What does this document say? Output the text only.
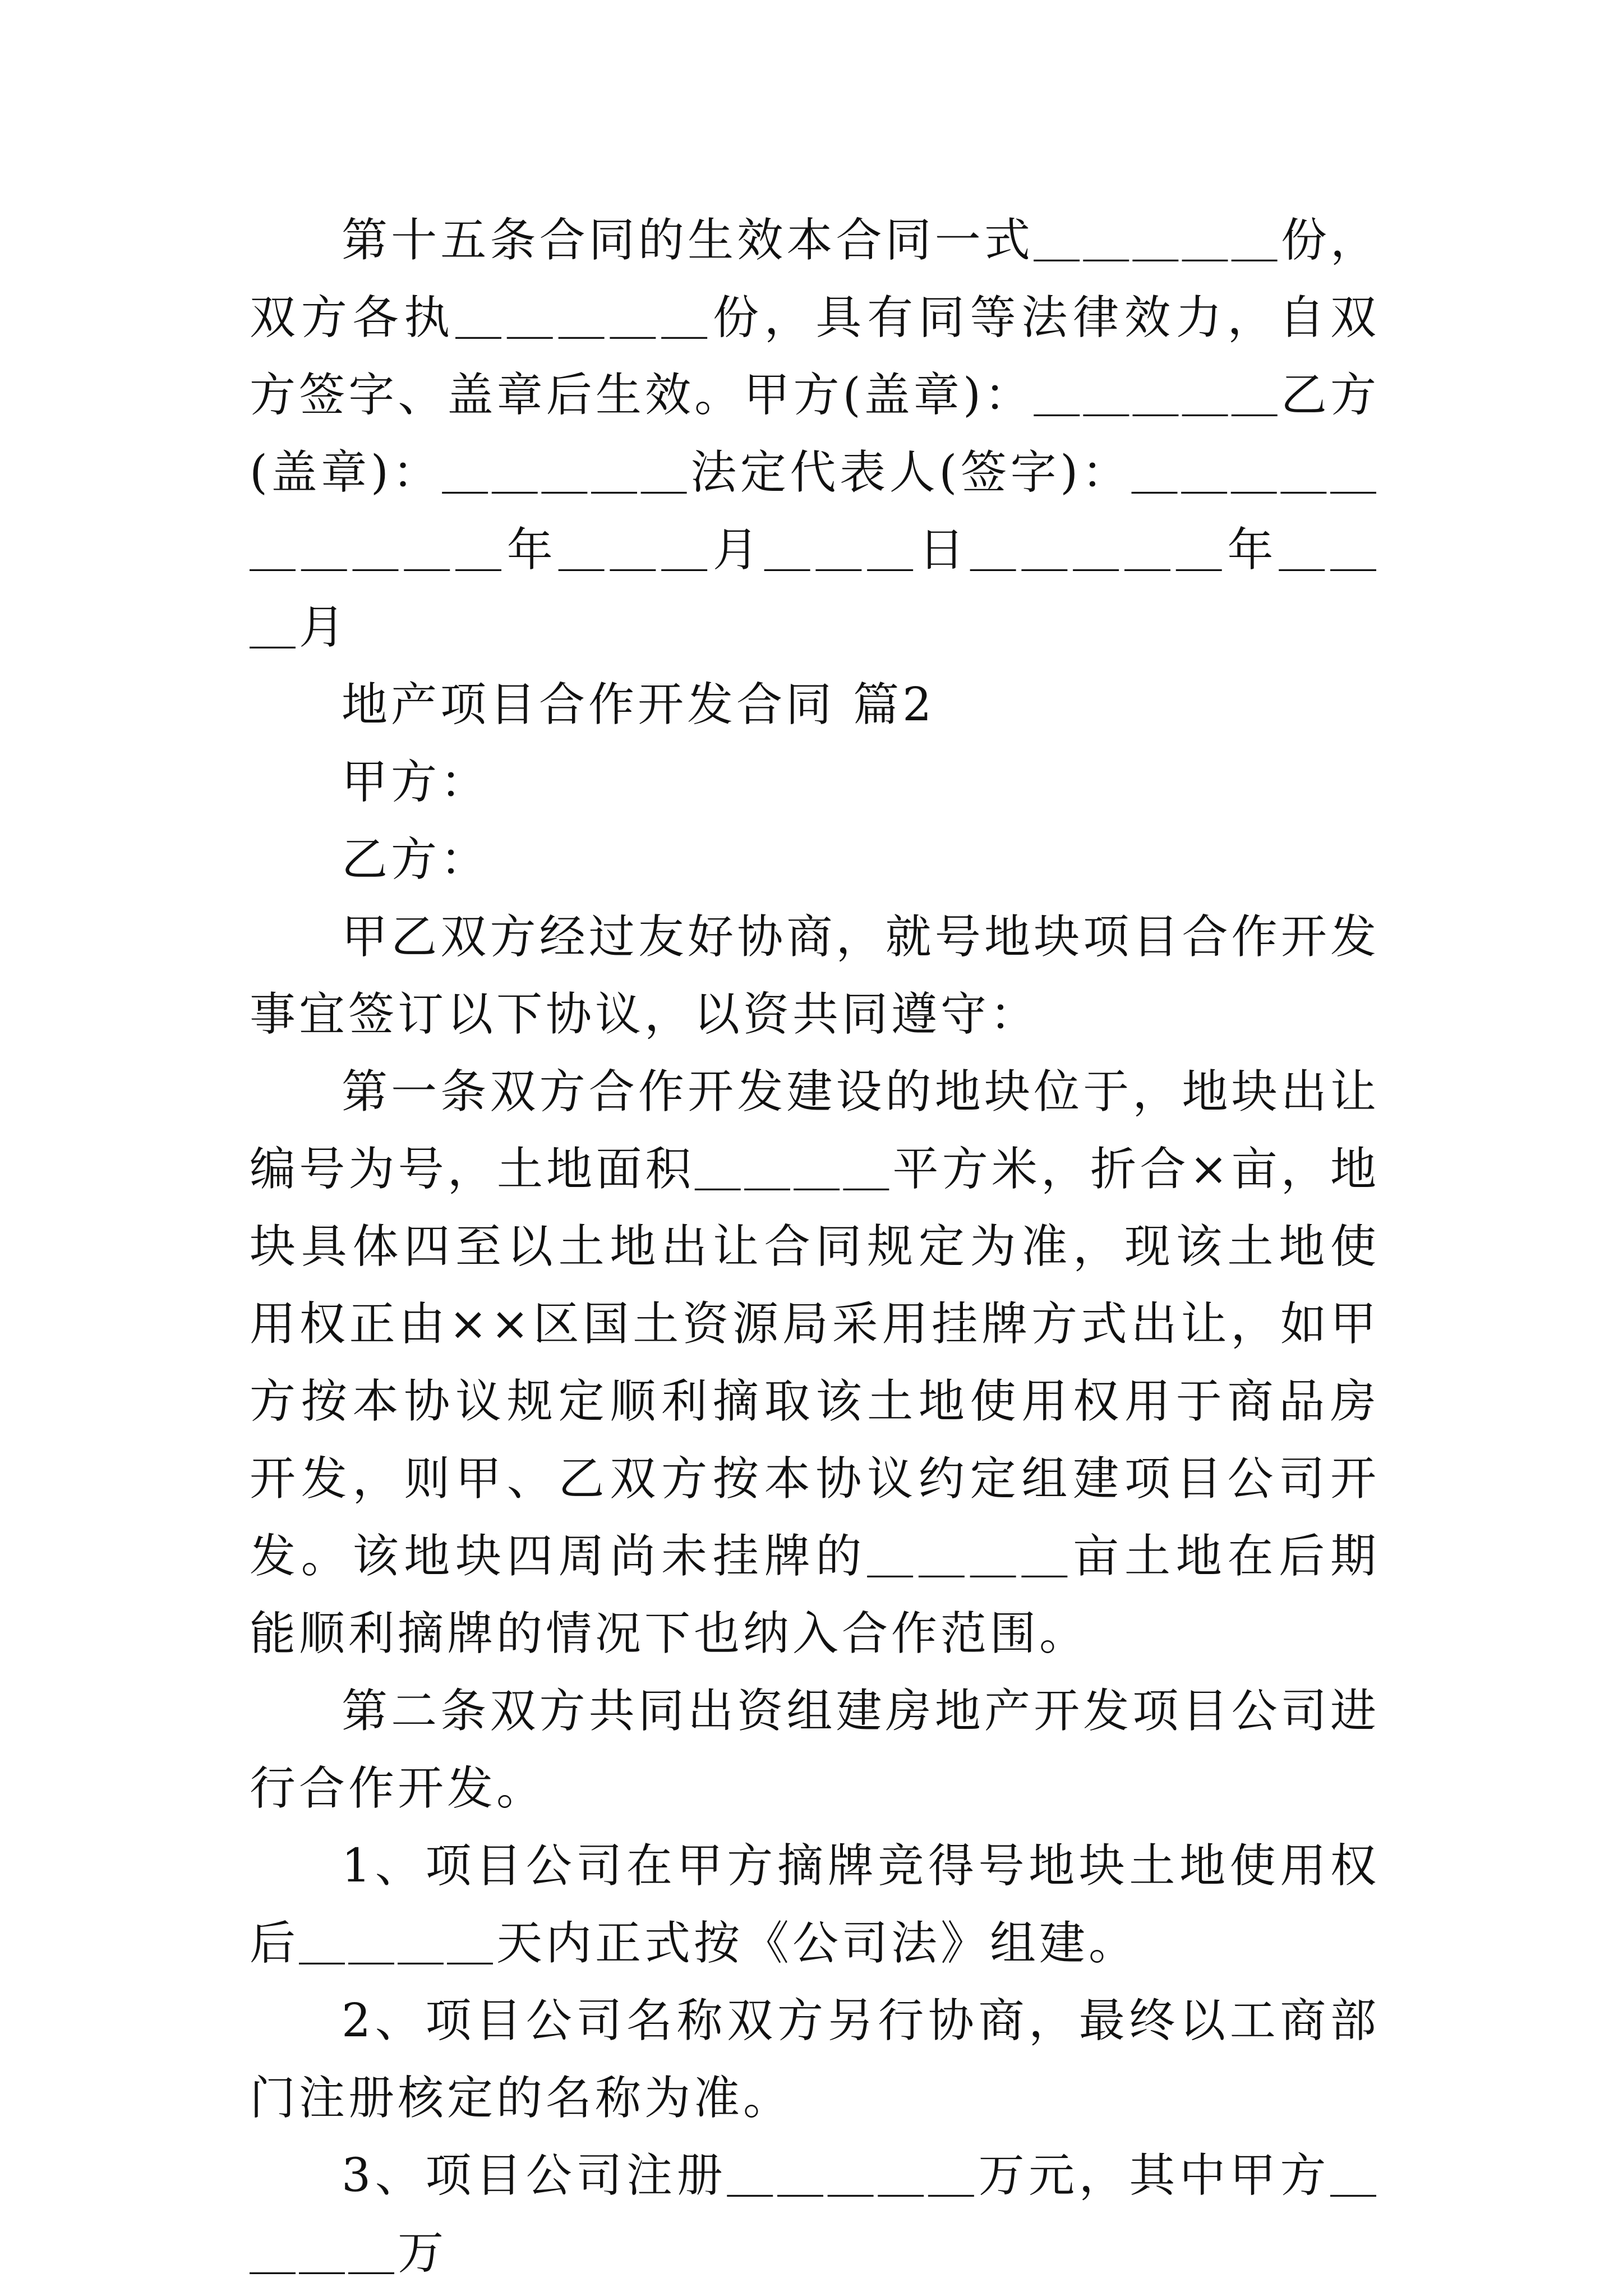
第十五条合同的生效本合同一式＿＿＿＿＿份，双方各执＿＿＿＿＿份，具有同等法律效力，自双方签字、盖章后生效。甲方(盖章)：＿＿＿＿＿乙方(盖章)：＿＿＿＿＿法定代表人(签字)：＿＿＿＿＿＿＿＿＿＿年＿＿＿月＿＿＿日＿＿＿＿＿年＿＿＿月

地产项目合作开发合同 篇2

甲方：

乙方：

甲乙双方经过友好协商，就号地块项目合作开发事宜签订以下协议，以资共同遵守：

第一条双方合作开发建设的地块位于，地块出让编号为号，土地面积＿＿＿＿平方米，折合×亩，地块具体四至以土地出让合同规定为准，现该土地使用权正由××区国土资源局采用挂牌方式出让，如甲方按本协议规定顺利摘取该土地使用权用于商品房开发，则甲、乙双方按本协议约定组建项目公司开发。该地块四周尚未挂牌的＿＿＿＿亩土地在后期能顺利摘牌的情况下也纳入合作范围。

第二条双方共同出资组建房地产开发项目公司进行合作开发。

1、项目公司在甲方摘牌竞得号地块土地使用权后＿＿＿＿天内正式按《公司法》组建。

2、项目公司名称双方另行协商，最终以工商部门注册核定的名称为准。

3、项目公司注册＿＿＿＿＿万元，其中甲方＿＿＿＿万
